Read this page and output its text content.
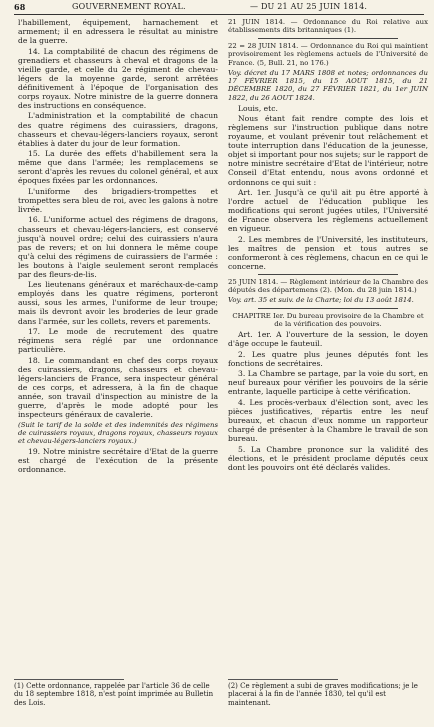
68	GOUVERNEMENT ROYAL.	— DU 21 AU 25 JUIN 1814.

l'habillement, équipement, harnachement et armement; il en adressera le résultat au ministre de la guerre.

14. La comptabilité de chacun des régimens de grenadiers et chasseurs à cheval et dragons de la vieille garde, et celle du 2e régiment de chevau-légers de la moyenne garde, seront arrêtées définitivement à l'époque de l'organisation des corps royaux. Notre ministre de la guerre donnera des instructions en conséquence.

L'administration et la comptabilité de chacun des quatre régimens des cuirassiers, dragons, chasseurs et chevau-légers-lanciers royaux, seront établies à dater du jour de leur formation.

15. La durée des effets d'habillement sera la même que dans l'armée; les remplacemens se seront d'après les revues du colonel général, et aux époques fixées par les ordonnances.

L'uniforme des brigadiers-trompettes et trompettes sera bleu de roi, avec les galons à notre livrée.

16. L'uniforme actuel des régimens de dragons, chasseurs et chevau-légers-lanciers, est conservé jusqu'à nouvel ordre; celui des cuirassiers n'aura pas de revers; et on lui donnera le même coupe qu'à celui des régimens de cuirassiers de l'armée : les boutons à l'aigle seulement seront remplacés par des fleurs-de-lis.

Les lieutenans généraux et maréchaux-de-camp employés dans les quatre régimens, porteront aussi, sous les armes, l'uniforme de leur troupe; mais ils devront avoir les broderies de leur grade dans l'armée, sur les collets, revers et parements.

17. Le mode de recrutement des quatre régimens sera réglé par une ordonnance particulière.

18. Le commandant en chef des corps royaux des cuirassiers, dragons, chasseurs et chevau-légers-lanciers de France, sera inspecteur général de ces corps, et adressera, à la fin de chaque année, son travail d'inspection au ministre de la guerre, d'après le mode adopté pour les inspecteurs généraux de cavalerie.

(Suit le tarif de la solde et des indemnités des régimens de cuirassiers royaux, dragons royaux, chasseurs royaux et chevau-légers-lanciers royaux.)

19. Notre ministre secrétaire d'Etat de la guerre est chargé de l'exécution de la présente ordonnance.

21 JUIN 1814. — Ordonnance du Roi relative aux établissements dits britanniques (1).

22 = 28 JUIN 1814. — Ordonnance du Roi qui maintient provisoirement les règlemens actuels de l'Université de France. (5, Bull. 21, no 176.)

Voy. décret du 17 MARS 1808 et notes; ordonnances du 17 FÉVRIER 1815, du 15 AOUT 1815, du 21 DÉCEMBRE 1820, du 27 FÉVRIER 1821, du 1er JUIN 1822, du 26 AOUT 1824.

Louis, etc.

Nous étant fait rendre compte des lois et règlemens sur l'instruction publique dans notre royaume, et voulant prévenir tout relâchement et toute interruption dans l'éducation de la jeunesse, objet si important pour nos sujets; sur le rapport de notre ministre secrétaire d'Etat de l'intérieur, notre Conseil d'Etat entendu, nous avons ordonné et ordonnons ce qui suit :

Art. 1er. Jusqu'à ce qu'il ait pu être apporté à l'ordre actuel de l'éducation publique les modifications qui seront jugées utiles, l'Université de France observera les règlemens actuellement en vigueur.

2. Les membres de l'Université, les instituteurs, les maîtres de pension et tous autres se conformeront à ces règlemens, chacun en ce qui le concerne.

25 JUIN 1814. — Règlement intérieur de la Chambre des députés des départemens (2). (Mon. du 28 juin 1814.)

Voy. art. 35 et suiv. de la Charte; loi du 13 août 1814.

CHAPITRE Ier. Du bureau provisoire de la Chambre et de la vérification des pouvoirs.

Art. 1er. A l'ouverture de la session, le doyen d'âge occupe le fauteuil.

2. Les quatre plus jeunes députés font les fonctions de secrétaires.

3. La Chambre se partage, par la voie du sort, en neuf bureaux pour vérifier les pouvoirs de la série entrante, laquelle participe à cette vérification.

4. Les procès-verbaux d'élection sont, avec les pièces justificatives, répartis entre les neuf bureaux, et chacun d'eux nomme un rapporteur chargé de présenter à la Chambre le travail de son bureau.

5. La Chambre prononce sur la validité des élections, et le président proclame députés ceux dont les pouvoirs ont été déclarés valides.

(1) Cette ordonnance, rappelée par l'article 36 de celle du 18 septembre 1818, n'est point imprimée au Bulletin des Lois.
(2) Ce règlement a subi de graves modifications; je le placerai à la fin de l'année 1830, tel qu'il est maintenant.
